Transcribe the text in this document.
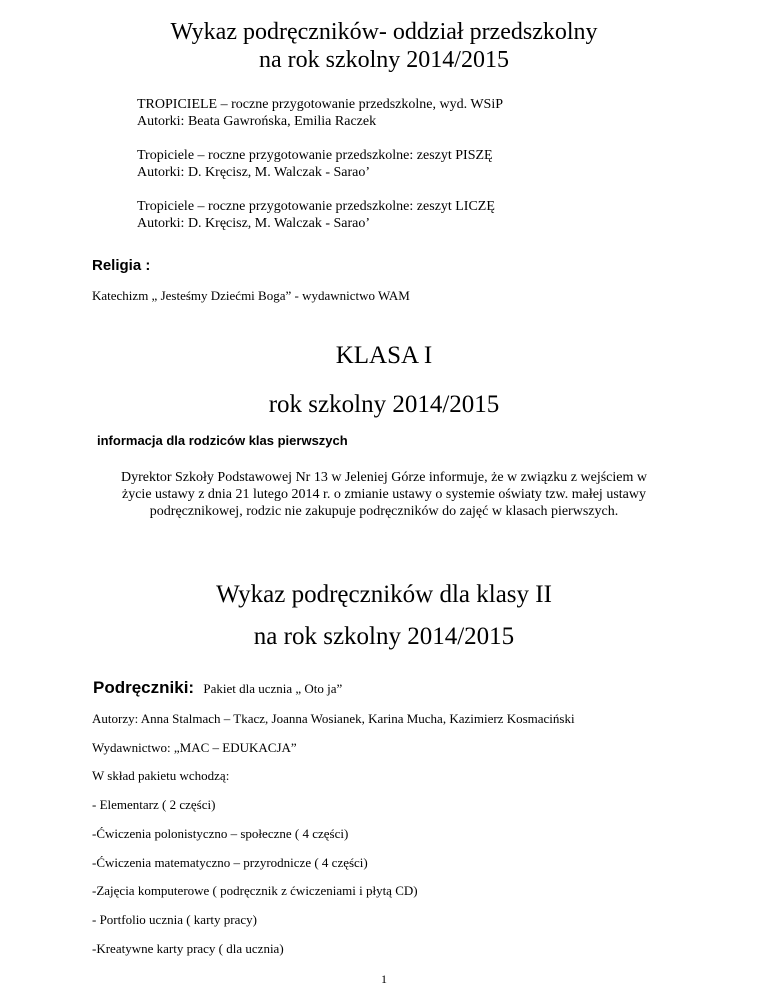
Wykaz podręczników- oddział przedszkolny
na rok szkolny 2014/2015
TROPICIELE – roczne przygotowanie przedszkolne, wyd. WSiP
Autorki: Beata Gawrońska, Emilia Raczek
Tropiciele – roczne przygotowanie przedszkolne: zeszyt PISZĘ
Autorki: D. Kręcisz, M. Walczak - Sarao’
Tropiciele – roczne przygotowanie przedszkolne: zeszyt LICZĘ
Autorki: D. Kręcisz, M. Walczak - Sarao’
Religia :
Katechizm „ Jesteśmy Dziećmi Boga” - wydawnictwo WAM
KLASA I
rok szkolny 2014/2015
informacja dla rodziców klas pierwszych
Dyrektor Szkoły Podstawowej Nr 13 w Jeleniej Górze informuje, że w związku z wejściem w
życie ustawy z dnia 21 lutego 2014 r. o zmianie ustawy o systemie oświaty tzw. małej ustawy
podręcznikowej, rodzic nie zakupuje podręczników do zajęć w klasach pierwszych.
Wykaz podręczników dla klasy II
na rok szkolny 2014/2015
Podręczniki: Pakiet dla ucznia „ Oto ja”
Autorzy: Anna Stalmach – Tkacz, Joanna Wosianek, Karina Mucha, Kazimierz Kosmaciński
Wydawnictwo: „MAC – EDUKACJA”
W skład pakietu wchodzą:
- Elementarz ( 2 części)
-Ćwiczenia polonistyczno – społeczne ( 4 części)
-Ćwiczenia matematyczno – przyrodnicze ( 4 części)
-Zajęcia komputerowe ( podręcznik z ćwiczeniami i płytą CD)
- Portfolio ucznia ( karty pracy)
-Kreatywne karty pracy ( dla ucznia)
1
